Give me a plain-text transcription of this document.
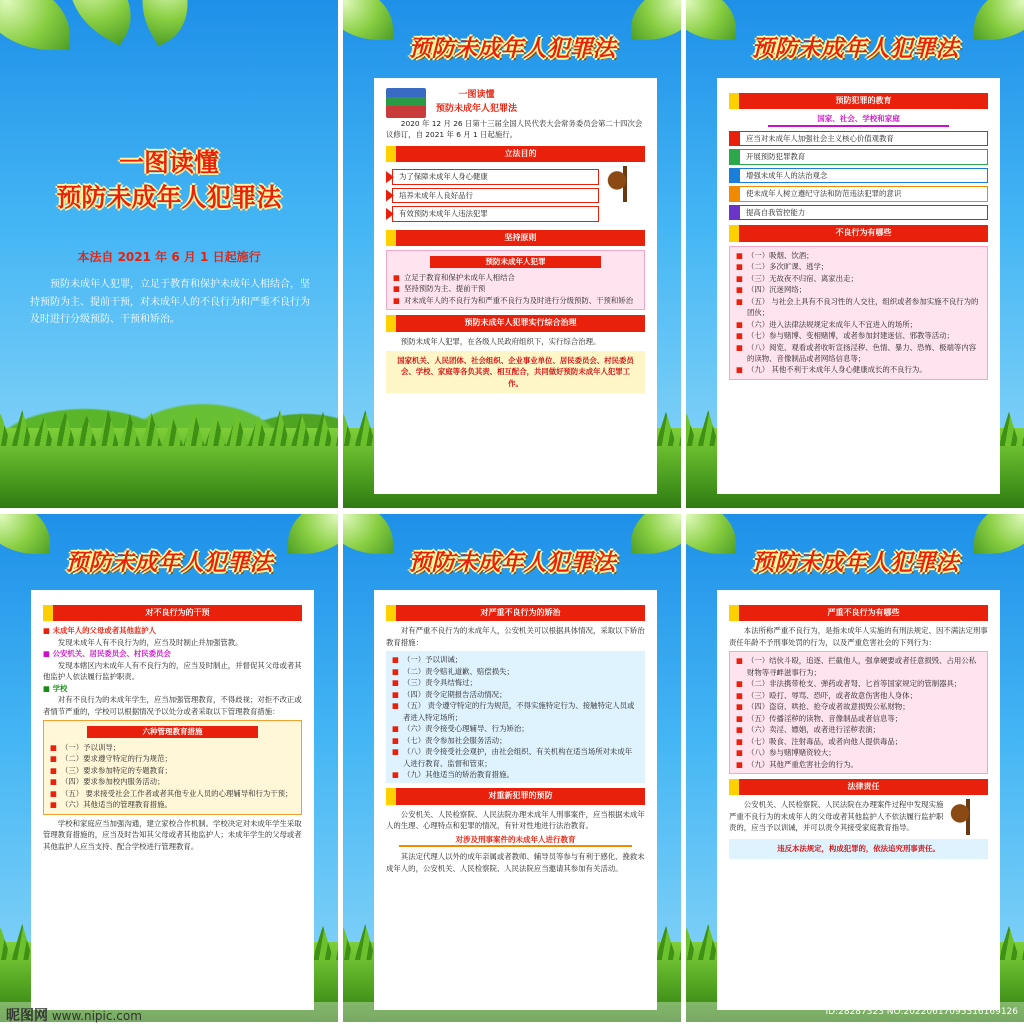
一图读懂
预防未成年人犯罪法
本法自 2021 年 6 月 1 日起施行
预防未成年人犯罪，立足于教育和保护未成年人相结合，坚持预防为主、提前干预，对未成年人的不良行为和严重不良行为及时进行分级预防、干预和矫治。
预防未成年人犯罪法
一图读懂
预防未成年人犯罪法

2020 年 12 月 26 日第十三届全国人民代表大会常务委员会第二十四次会议修订，自 2021 年 6 月 1 日起施行。

立法目的
为了保障未成年人身心健康
培养未成年人良好品行
有效预防未成年人违法犯罪
坚持原则
预防未成年人犯罪
■ 立足于教育和保护未成年人相结合
■ 坚持预防为主、提前干预
■ 对未成年人的不良行为和严重不良行为及时进行分级预防、干预和矫治
预防未成年人犯罪实行综合治理

预防未成年人犯罪，在各级人民政府组织下，实行综合治理。

国家机关、人民团体、社会组织、企业事业单位、居民委员会、村民委员会、学校、家庭等各负其责、相互配合，共同做好预防未成年人犯罪工作。
预防未成年人犯罪法
预防犯罪的教育
国家、社会、学校和家庭
应当对未成年人加强社会主义核心价值观教育
开展预防犯罪教育
增强未成年人的法治观念
使未成年人树立遵纪守法和防范违法犯罪的意识
提高自我管控能力
不良行为有哪些
■ （一）吸烟、饮酒；
■ （二）多次旷课、逃学；
■ （三）无故夜不归宿、离家出走；
■ （四）沉迷网络；
■ （五） 与社会上具有不良习性的人交往，组织或者参加实施不良行为的团伙；
■ （六）进入法律法规规定未成年人不宜进入的场所；
■ （七）参与赌博、变相赌博，或者参加封建迷信、邪教等活动；
■ （八）阅览、观看或者收听宣扬淫秽、色情、暴力、恐怖、极端等内容的读物、音像制品或者网络信息等；
■ （九） 其他不利于未成年人身心健康成长的不良行为。
预防未成年人犯罪法
对不良行为的干预
■ 未成年人的父母或者其他监护人

发现未成年人有不良行为的，应当及时制止并加强管教。

■ 公安机关、居民委员会、村民委员会

发现本辖区内未成年人有不良行为的，应当及时制止，并督促其父母或者其他监护人依法履行监护职责。

■ 学校

对有不良行为的未成年学生，应当加强管理教育，不得歧视；对拒不改正或者情节严重的，学校可以根据情况予以处分或者采取以下管理教育措施：

六种管理教育措施
■ （一）予以训导；
■ （二）要求遵守特定的行为规范；
■ （三）要求参加特定的专题教育；
■ （四）要求参加校内服务活动；
■ （五） 要求接受社会工作者或者其他专业人员的心理辅导和行为干预；
■ （六）其他适当的管理教育措施。

学校和家庭应当加强沟通，建立家校合作机制。学校决定对未成年学生采取管理教育措施的，应当及时告知其父母或者其他监护人；未成年学生的父母或者其他监护人应当支持、配合学校进行管理教育。

预防未成年人犯罪法
对严重不良行为的矫治

对有严重不良行为的未成年人，公安机关可以根据具体情况，采取以下矫治教育措施：

■ （一）予以训诫；
■ （二）责令赔礼道歉、赔偿损失；
■ （三）责令具结悔过；
■ （四）责令定期报告活动情况；
■ （五） 责令遵守特定的行为规范，不得实施特定行为、接触特定人员或者进入特定场所；
■ （六）责令接受心理辅导、行为矫治；
■ （七）责令参加社会服务活动；
■ （八）责令接受社会观护，由社会组织、有关机构在适当场所对未成年人进行教育、监督和管束；
■ （九）其他适当的矫治教育措施。
对重新犯罪的预防

公安机关、人民检察院、人民法院办理未成年人刑事案件，应当根据未成年人的生理、心理特点和犯罪的情况，有针对性地进行法治教育。

对涉及刑事案件的未成年人进行教育

其法定代理人以外的成年亲属或者教师、辅导员等参与有利于感化、挽救未成年人的，公安机关、人民检察院、人民法院应当邀请其参加有关活动。

预防未成年人犯罪法
严重不良行为有哪些

本法所称严重不良行为，是指未成年人实施的有刑法规定、因不满法定刑事责任年龄不予刑事处罚的行为，以及严重危害社会的下列行为：

■ （一）结伙斗殴，追逐、拦截他人，强拿硬要或者任意损毁、占用公私财物等寻衅滋事行为；
■ （二）非法携带枪支、弹药或者弩、匕首等国家规定的管制器具；
■ （三）殴打、辱骂、恐吓，或者故意伤害他人身体；
■ （四）盗窃、哄抢、抢夺或者故意损毁公私财物；
■ （五）传播淫秽的读物、音像制品或者信息等；
■ （六）卖淫、嫖娼，或者进行淫秽表演；
■ （七）吸食、注射毒品，或者向他人提供毒品；
■ （八）参与赌博赌资较大；
■ （九）其他严重危害社会的行为。
法律责任

公安机关、人民检察院、人民法院在办理案件过程中发现实施严重不良行为的未成年人的父母或者其他监护人不依法履行监护职责的，应当予以训诫，并可以责令其接受家庭教育指导。

违反本法规定，构成犯罪的，依法追究刑事责任。
昵图网 www.nipic.com	ID:28287323 NO:20220617095316169126
